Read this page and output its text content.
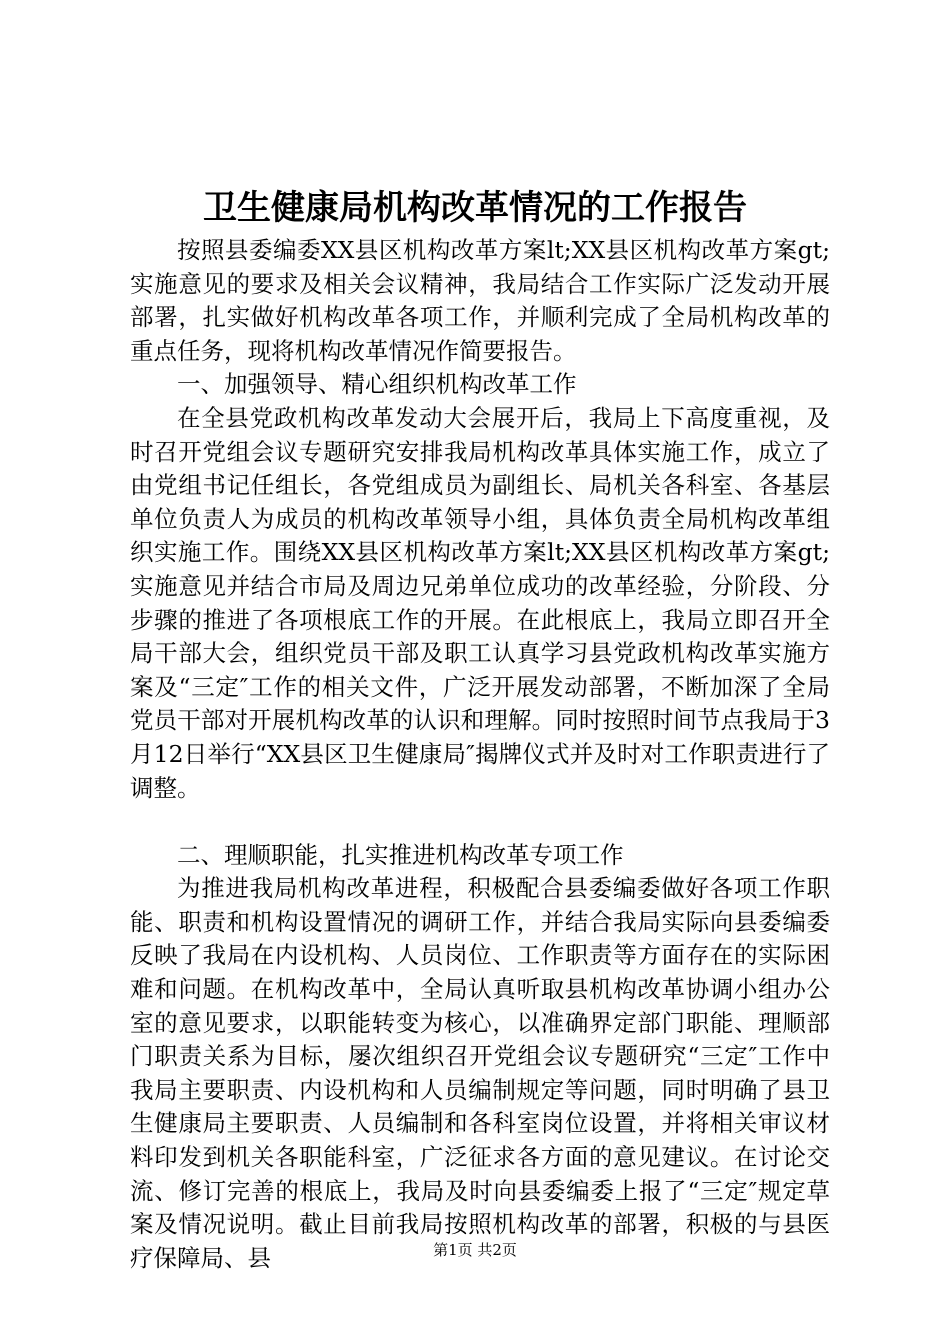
卫生健康局机构改革情况的工作报告

按照县委编委XX县区机构改革方案lt;XX县区机构改革方案gt;实施意见的要求及相关会议精神，我局结合工作实际广泛发动开展部署，扎实做好机构改革各项工作，并顺利完成了全局机构改革的重点任务，现将机构改革情况作简要报告。

一、加强领导、精心组织机构改革工作

在全县党政机构改革发动大会展开后，我局上下高度重视，及时召开党组会议专题研究安排我局机构改革具体实施工作，成立了由党组书记任组长，各党组成员为副组长、局机关各科室、各基层单位负责人为成员的机构改革领导小组，具体负责全局机构改革组织实施工作。围绕XX县区机构改革方案lt;XX县区机构改革方案gt;实施意见并结合市局及周边兄弟单位成功的改革经验，分阶段、分步骤的推进了各项根底工作的开展。在此根底上，我局立即召开全局干部大会，组织党员干部及职工认真学习县党政机构改革实施方案及“三定″工作的相关文件，广泛开展发动部署，不断加深了全局党员干部对开展机构改革的认识和理解。同时按照时间节点我局于3月12日举行“XX县区卫生健康局″揭牌仪式并及时对工作职责进行了调整。

二、理顺职能，扎实推进机构改革专项工作

为推进我局机构改革进程，积极配合县委编委做好各项工作职能、职责和机构设置情况的调研工作，并结合我局实际向县委编委反映了我局在内设机构、人员岗位、工作职责等方面存在的实际困难和问题。在机构改革中，全局认真听取县机构改革协调小组办公室的意见要求，以职能转变为核心，以准确界定部门职能、理顺部门职责关系为目标，屡次组织召开党组会议专题研究“三定″工作中我局主要职责、内设机构和人员编制规定等问题，同时明确了县卫生健康局主要职责、人员编制和各科室岗位设置，并将相关审议材料印发到机关各职能科室，广泛征求各方面的意见建议。在讨论交流、修订完善的根底上，我局及时向县委编委上报了“三定″规定草案及情况说明。截止目前我局按照机构改革的部署，积极的与县医疗保障局、县	第1页 共2页
